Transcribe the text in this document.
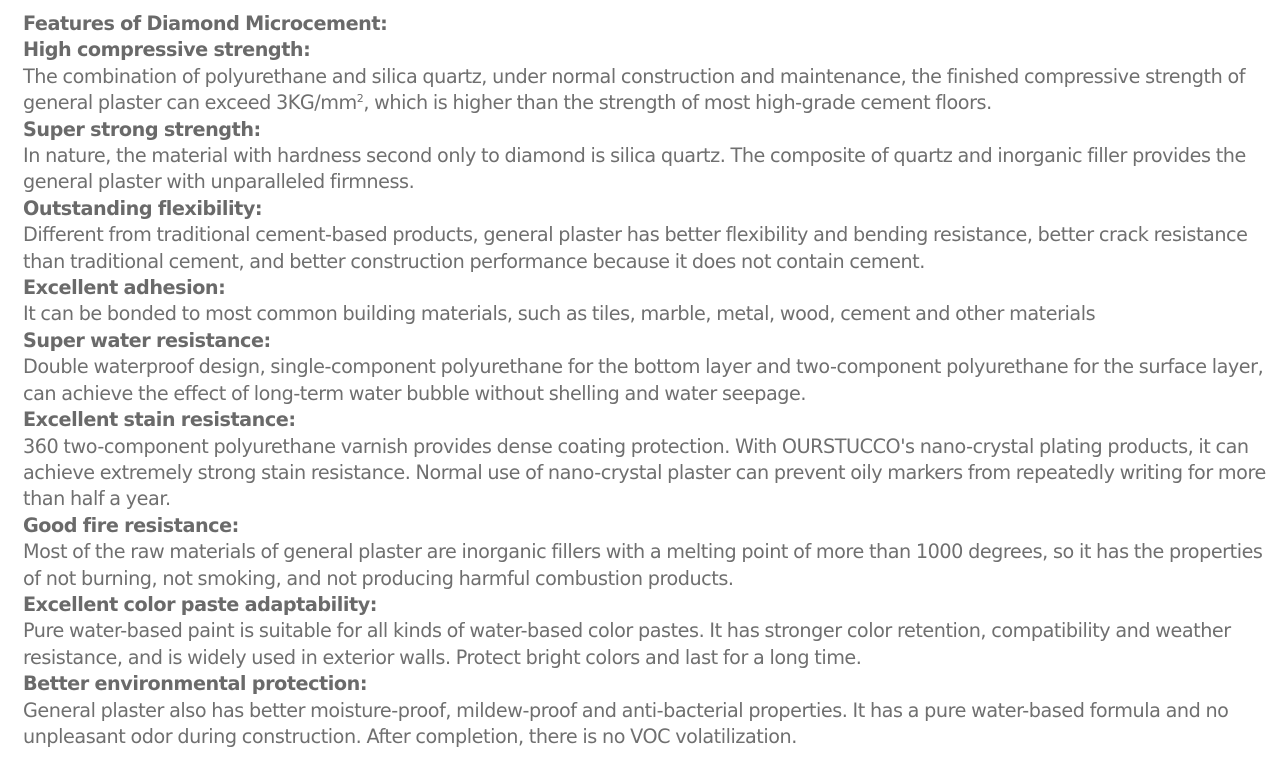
Features of Diamond Microcement:
High compressive strength:

The combination of polyurethane and silica quartz, under normal construction and maintenance, the finished compressive strength of general plaster can exceed $3KG/mm^2$, which is higher than the strength of most high-grade cement floors.

Super strong strength:

In nature, the material with hardness second only to diamond is silica quartz. The composite of quartz and inorganic filler provides the general plaster with unparalleled firmness.

Outstanding flexibility:

Different from traditional cement-based products, general plaster has better flexibility and bending resistance, better crack resistance than traditional cement, and better construction performance because it does not contain cement.

Excellent adhesion:

It can be bonded to most common building materials, such as tiles, marble, metal, wood, cement and other materials

Super water resistance:

Double waterproof design, single-component polyurethane for the bottom layer and two-component polyurethane for the surface layer, can achieve the effect of long-term water bubble without shelling and water seepage.

Excellent stain resistance:

360 two-component polyurethane varnish provides dense coating protection. With OURSTUCCO's nano-crystal plating products, it can achieve extremely strong stain resistance. Normal use of nano-crystal plaster can prevent oily markers from repeatedly writing for more than half a year.

Good fire resistance:

Most of the raw materials of general plaster are inorganic fillers with a melting point of more than 1000 degrees, so it has the properties of not burning, not smoking, and not producing harmful combustion products.

Excellent color paste adaptability:

Pure water-based paint is suitable for all kinds of water-based color pastes. It has stronger color retention, compatibility and weather resistance, and is widely used in exterior walls. Protect bright colors and last for a long time.

Better environmental protection:

General plaster also has better moisture-proof, mildew-proof and anti-bacterial properties. It has a pure water-based formula and no unpleasant odor during construction. After completion, there is no VOC volatilization.
